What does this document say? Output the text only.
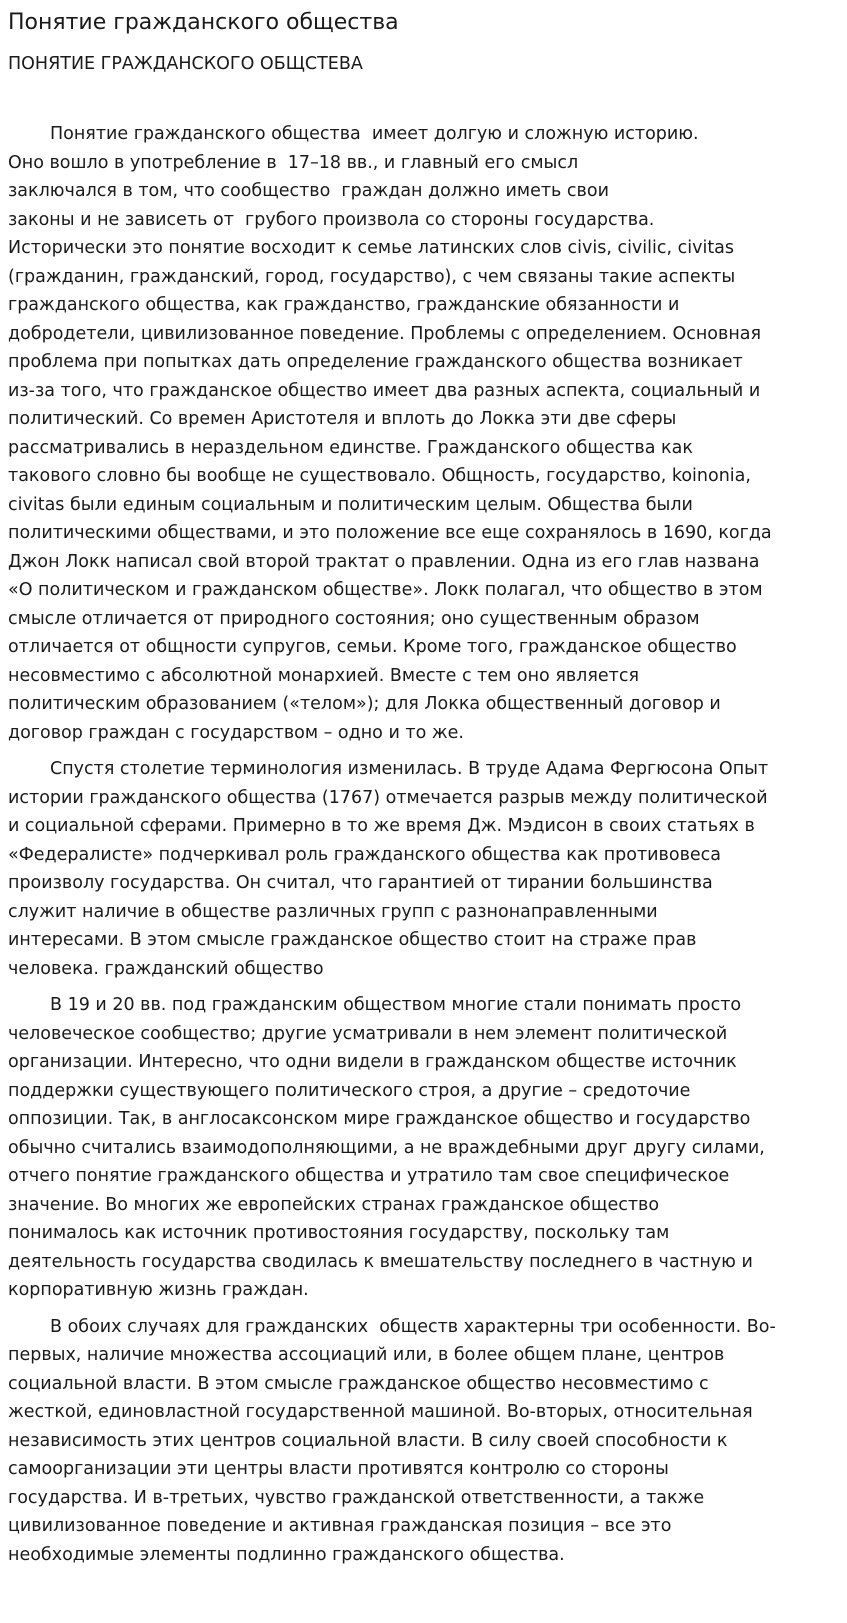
Понятие гражданского общества
ПОНЯТИЕ ГРАЖДАНСКОГО ОБЩСТЕВА
Понятие гражданского общества  имеет долгую и сложную историю.
Оно вошло в употребление в  17–18 вв., и главный его смысл
заключался в том, что сообщество  граждан должно иметь свои
законы и не зависеть от  грубого произвола со стороны государства.
Исторически это понятие восходит к семье латинских слов civis, civilic, civitas
(гражданин, гражданский, город, государство), с чем связаны такие аспекты
гражданского общества, как гражданство, гражданские обязанности и
добродетели, цивилизованное поведение. Проблемы с определением. Основная
проблема при попытках дать определение гражданского общества возникает
из-за того, что гражданское общество имеет два разных аспекта, социальный и
политический. Со времен Аристотеля и вплоть до Локка эти две сферы
рассматривались в нераздельном единстве. Гражданского общества как
такового словно бы вообще не существовало. Общность, государство, koinonia,
civitas были единым социальным и политическим целым. Общества были
политическими обществами, и это положение все еще сохранялось в 1690, когда
Джон Локк написал свой второй трактат о правлении. Одна из его глав названа
«О политическом и гражданском обществе». Локк полагал, что общество в этом
смысле отличается от природного состояния; оно существенным образом
отличается от общности супругов, семьи. Кроме того, гражданское общество
несовместимо с абсолютной монархией. Вместе с тем оно является
политическим образованием («телом»); для Локка общественный договор и
договор граждан с государством – одно и то же.
Спустя столетие терминология изменилась. В труде Адама Фергюсона Опыт
истории гражданского общества (1767) отмечается разрыв между политической
и социальной сферами. Примерно в то же время Дж. Мэдисон в своих статьях в
«Федералисте» подчеркивал роль гражданского общества как противовеса
произволу государства. Он считал, что гарантией от тирании большинства
служит наличие в обществе различных групп с разнонаправленными
интересами. В этом смысле гражданское общество стоит на страже прав
человека. гражданский общество
В 19 и 20 вв. под гражданским обществом многие стали понимать просто
человеческое сообщество; другие усматривали в нем элемент политической
организации. Интересно, что одни видели в гражданском обществе источник
поддержки существующего политического строя, а другие – средоточие
оппозиции. Так, в англосаксонском мире гражданское общество и государство
обычно считались взаимодополняющими, а не враждебными друг другу силами,
отчего понятие гражданского общества и утратило там свое специфическое
значение. Во многих же европейских странах гражданское общество
понималось как источник противостояния государству, поскольку там
деятельность государства сводилась к вмешательству последнего в частную и
корпоративную жизнь граждан.
В обоих случаях для гражданских  обществ характерны три особенности. Во-
первых, наличие множества ассоциаций или, в более общем плане, центров
социальной власти. В этом смысле гражданское общество несовместимо с
жесткой, единовластной государственной машиной. Во-вторых, относительная
независимость этих центров социальной власти. В силу своей способности к
самоорганизации эти центры власти противятся контролю со стороны
государства. И в-третьих, чувство гражданской ответственности, а также
цивилизованное поведение и активная гражданская позиция – все это
необходимые элементы подлинно гражданского общества.
